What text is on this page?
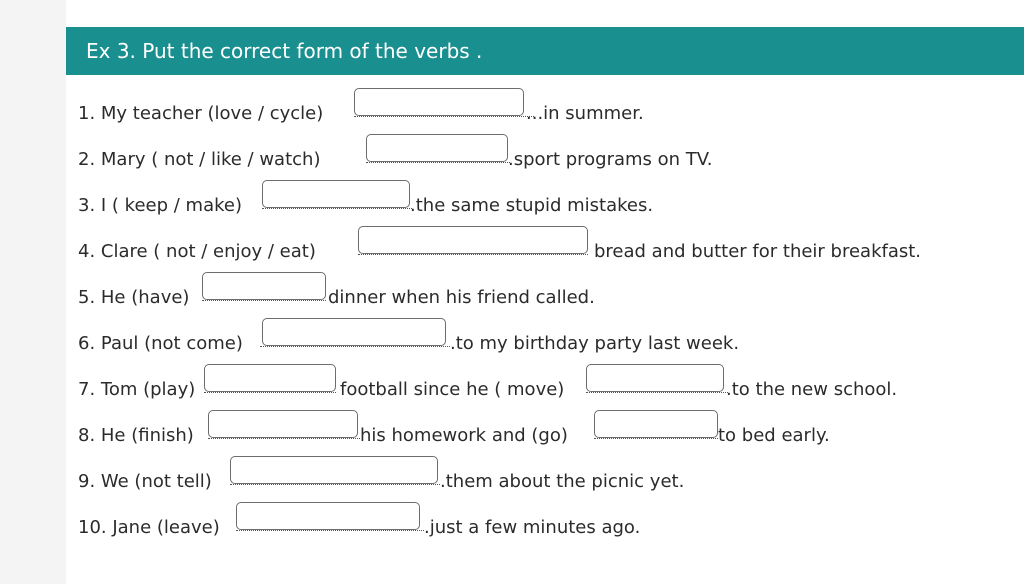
Ex 3. Put the correct form of the verbs .
1. My teacher (love / cycle)	...in summer.
2. Mary ( not / like / watch)	.sport programs on TV.
3. I ( keep / make)	.the same stupid mistakes.
4. Clare ( not / enjoy / eat)	bread and butter for their breakfast.
5. He (have)	dinner when his friend called.
6. Paul (not come)	.to my birthday party last week.
7. Tom (play)	football since he ( move)	.to the new school.
8. He (finish)	his homework and (go)	to bed early.
9. We (not tell)	.them about the picnic yet.
10. Jane (leave)	.just a few minutes ago.
